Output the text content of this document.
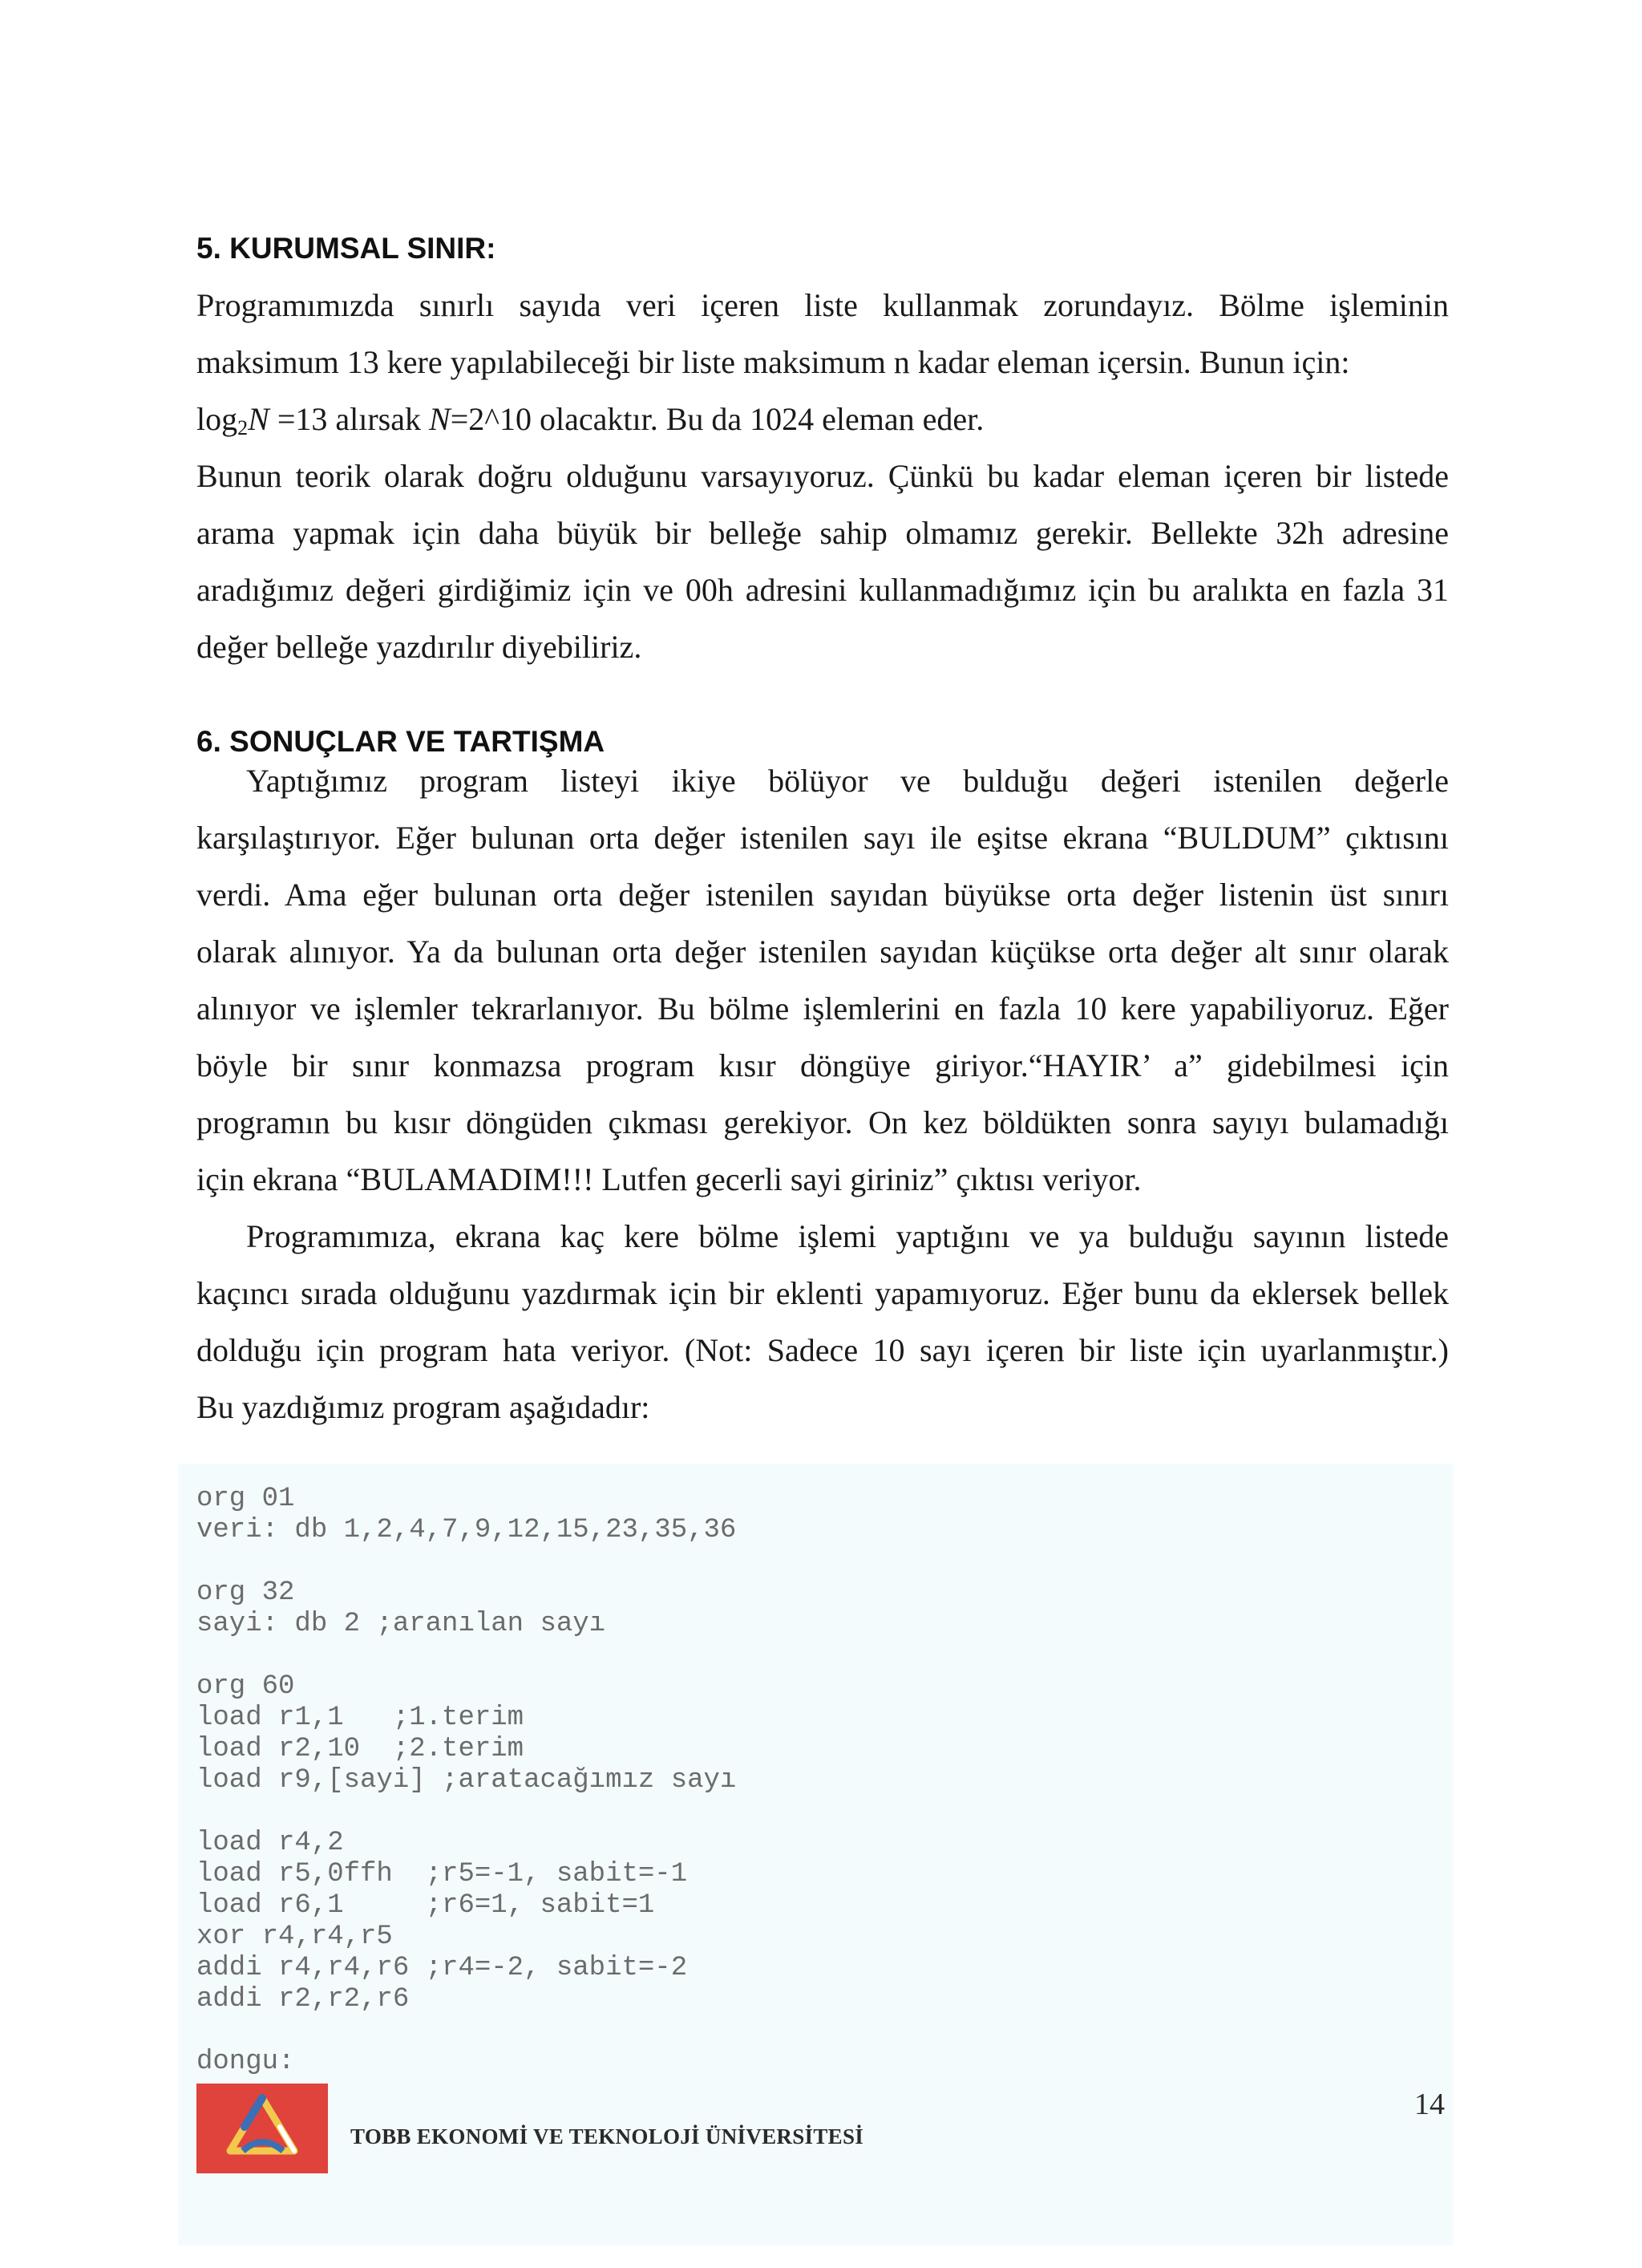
5. KURUMSAL SINIR:
Programımızda sınırlı sayıda veri içeren liste kullanmak zorundayız. Bölme işleminin
maksimum 13 kere yapılabileceği bir liste maksimum n kadar eleman içersin. Bunun için:
$\log_2N =13$ alırsak N=2^10 olacaktır. Bu da 1024 eleman eder.
Bunun teorik olarak doğru olduğunu varsayıyoruz. Çünkü bu kadar eleman içeren bir listede
arama yapmak için daha büyük bir belleğe sahip olmamız gerekir. Bellekte 32h adresine
aradığımız değeri girdiğimiz için ve 00h adresini kullanmadığımız için bu aralıkta en fazla 31
değer belleğe yazdırılır diyebiliriz.
6. SONUÇLAR VE TARTIŞMA
Yaptığımız program listeyi ikiye bölüyor ve bulduğu değeri istenilen değerle
karşılaştırıyor. Eğer bulunan orta değer istenilen sayı ile eşitse ekrana “BULDUM” çıktısını
verdi. Ama eğer bulunan orta değer istenilen sayıdan büyükse orta değer listenin üst sınırı
olarak alınıyor. Ya da bulunan orta değer istenilen sayıdan küçükse orta değer alt sınır olarak
alınıyor ve işlemler tekrarlanıyor. Bu bölme işlemlerini en fazla 10 kere yapabiliyoruz. Eğer
böyle bir sınır konmazsa program kısır döngüye giriyor.“HAYIR’ a” gidebilmesi için
programın bu kısır döngüden çıkması gerekiyor. On kez böldükten sonra sayıyı bulamadığı
için ekrana “BULAMADIM!!! Lutfen gecerli sayi giriniz” çıktısı veriyor.
Programımıza, ekrana kaç kere bölme işlemi yaptığını ve ya bulduğu sayının listede
kaçıncı sırada olduğunu yazdırmak için bir eklenti yapamıyoruz. Eğer bunu da eklersek bellek
dolduğu için program hata veriyor. (Not: Sadece 10 sayı içeren bir liste için uyarlanmıştır.)
Bu yazdığımız program aşağıdadır:
org 01
veri: db 1,2,4,7,9,12,15,23,35,36
org 32
sayi: db 2 ;aranılan sayı
org 60
load r1,1   ;1.terim
load r2,10  ;2.terim
load r9,[sayi] ;aratacağımız sayı
load r4,2
load r5,0ffh  ;r5=-1, sabit=-1
load r6,1     ;r6=1, sabit=1
xor r4,r4,r5
addi r4,r4,r6 ;r4=-2, sabit=-2
addi r2,r2,r6
dongu:
TOBB EKONOMİ VE TEKNOLOJİ ÜNİVERSİTESİ
14
